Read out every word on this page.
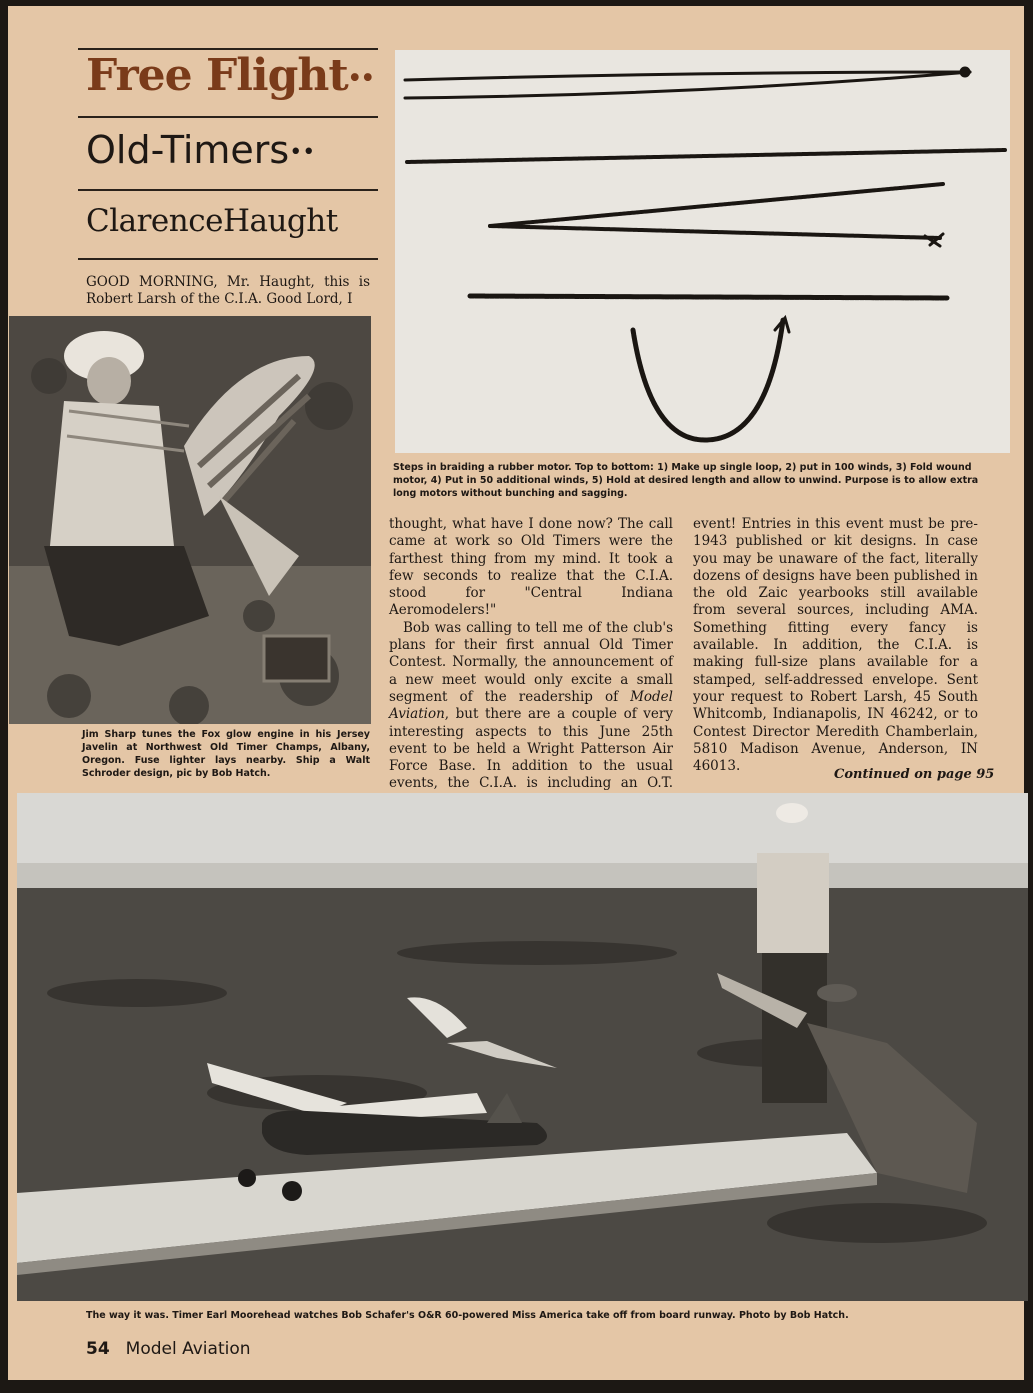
Free Flight••
Old-Timers••
ClarenceHaught
GOOD MORNING, Mr. Haught, this is Robert Larsh of the C.I.A. Good Lord, I
Steps in braiding a rubber motor. Top to bottom: 1) Make up single loop, 2) put in 100 winds, 3) Fold wound motor, 4) Put in 50 additional winds, 5) Hold at desired length and allow to unwind. Purpose is to allow extra long motors without bunching and sagging.
Jim Sharp tunes the Fox glow engine in his Jersey Javelin at Northwest Old Timer Champs, Albany, Oregon. Fuse lighter lays nearby. Ship a Walt Schroder design, pic by Bob Hatch.

thought, what have I done now? The call came at work so Old Timers were the farthest thing from my mind. It took a few seconds to realize that the C.I.A. stood for "Central Indiana Aeromodelers!"

Bob was calling to tell me of the club's plans for their first annual Old Timer Contest. Normally, the announcement of a new meet would only excite a small segment of the readership of Model Aviation, but there are a couple of very interesting aspects to this June 25th event to be held a Wright Patterson Air Force Base. In addition to the usual events, the C.I.A. is including an O.T.

event! Entries in this event must be pre-1943 published or kit designs. In case you may be unaware of the fact, literally dozens of designs have been published in the old Zaic yearbooks still available from several sources, including AMA. Something fitting every fancy is available. In addition, the C.I.A. is making full-size plans available for a stamped, self-addressed envelope. Sent your request to Robert Larsh, 45 South Whitcomb, Indianapolis, IN 46242, or to Contest Director Meredith Chamberlain, 5810 Madison Avenue, Anderson, IN 46013.

Continued on page 95
The way it was. Timer Earl Moorehead watches Bob Schafer's O&R 60-powered Miss America take off from board runway. Photo by Bob Hatch.
54 Model Aviation
